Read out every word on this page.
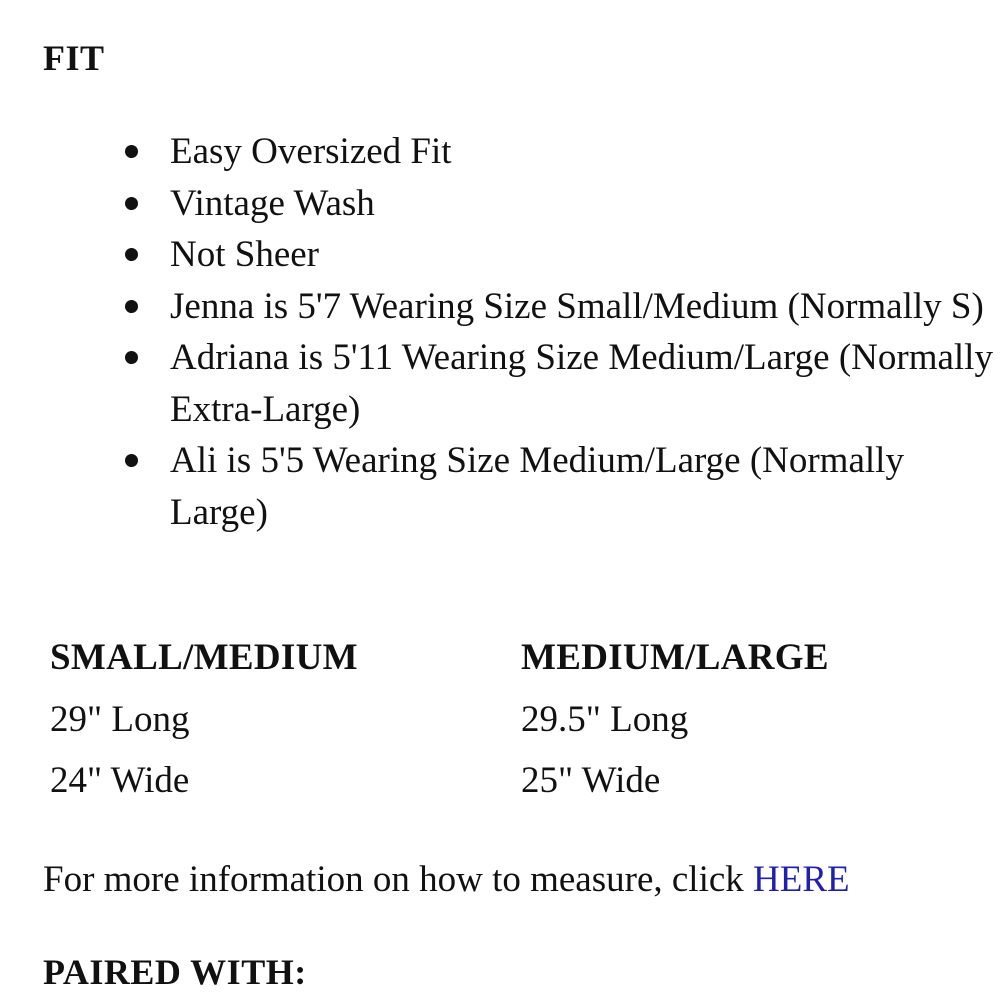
FIT
Easy Oversized Fit
Vintage Wash
Not Sheer
Jenna is 5'7 Wearing Size Small/Medium (Normally S)
Adriana is 5'11 Wearing Size Medium/Large (Normally Extra-Large)
Ali is 5'5 Wearing Size Medium/Large (Normally Large)
SMALL/MEDIUM
29" Long
24" Wide
MEDIUM/LARGE
29.5" Long
25" Wide
For more information on how to measure, click HERE
PAIRED WITH:
